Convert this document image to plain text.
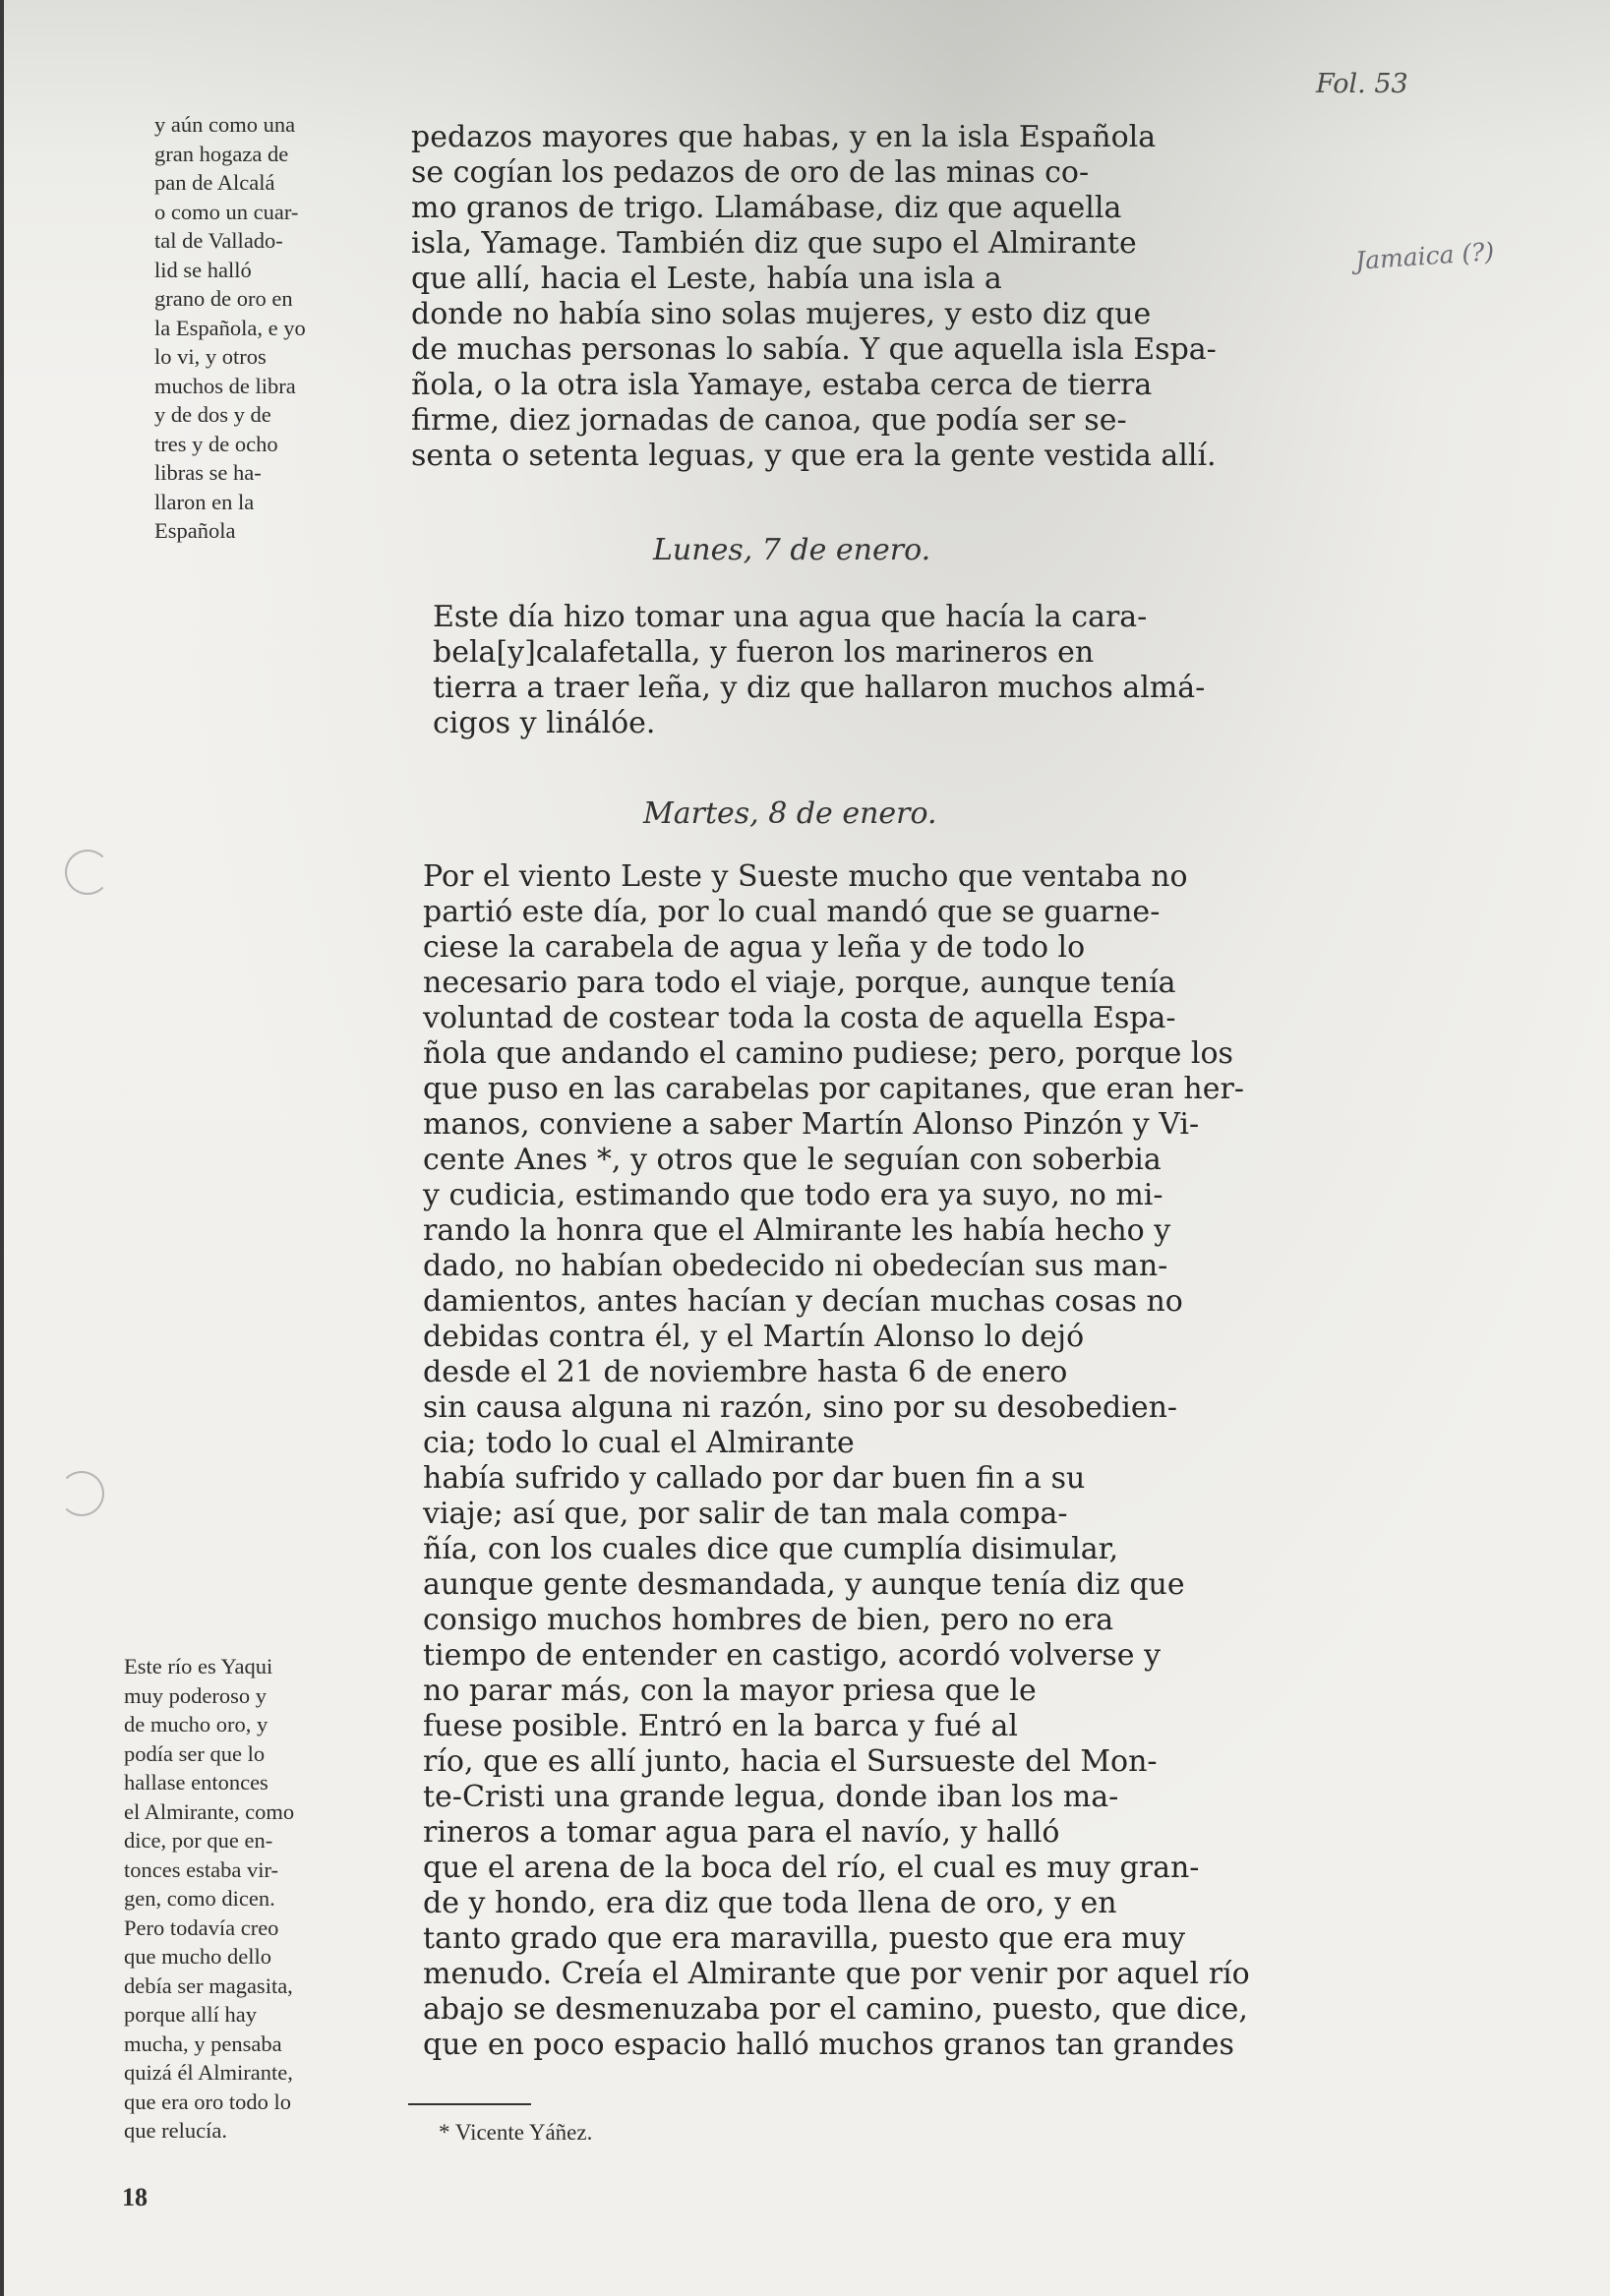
Fol. 53
Jamaica (?)
y aún como una
gran hogaza de
pan de Alcalá
o como un cuar-
tal de Vallado-
lid se halló
grano de oro en
la Española, e yo
lo vi, y otros
muchos de libra
y de dos y de
tres y de ocho
libras se ha-
llaron en la
Española
Este río es Yaqui
muy poderoso y
de mucho oro, y
podía ser que lo
hallase entonces
el Almirante, como
dice, por que en-
tonces estaba vir-
gen, como dicen.
Pero todavía creo
que mucho dello
debía ser magasita,
porque allí hay
mucha, y pensaba
quizá él Almirante,
que era oro todo lo
que relucía.
pedazos mayores que habas, y en la isla Española
se cogían los pedazos de oro de las minas co-
mo granos de trigo. Llamábase, diz que aquella
isla, Yamage. También diz que supo el Almirante
que allí, hacia el Leste, había una isla a
donde no había sino solas mujeres, y esto diz que
de muchas personas lo sabía. Y que aquella isla Espa-
ñola, o la otra isla Yamaye, estaba cerca de tierra
firme, diez jornadas de canoa, que podía ser se-
senta o setenta leguas, y que era la gente vestida allí.
Lunes, 7 de enero.
Este día hizo tomar una agua que hacía la cara-
bela[y]calafetalla, y fueron los marineros en
tierra a traer leña, y diz que hallaron muchos almá-
cigos y linálóe.
Martes, 8 de enero.
Por el viento Leste y Sueste mucho que ventaba no
partió este día, por lo cual mandó que se guarne-
ciese la carabela de agua y leña y de todo lo
necesario para todo el viaje, porque, aunque tenía
voluntad de costear toda la costa de aquella Espa-
ñola que andando el camino pudiese; pero, porque los
que puso en las carabelas por capitanes, que eran her-
manos, conviene a saber Martín Alonso Pinzón y Vi-
cente Anes *, y otros que le seguían con soberbia
y cudicia, estimando que todo era ya suyo, no mi-
rando la honra que el Almirante les había hecho y
dado, no habían obedecido ni obedecían sus man-
damientos, antes hacían y decían muchas cosas no
debidas contra él, y el Martín Alonso lo dejó
desde el 21 de noviembre hasta 6 de enero
sin causa alguna ni razón, sino por su desobedien-
cia; todo lo cual el Almirante
había sufrido y callado por dar buen fin a su
viaje; así que, por salir de tan mala compa-
ñía, con los cuales dice que cumplía disimular,
aunque gente desmandada, y aunque tenía diz que
consigo muchos hombres de bien, pero no era
tiempo de entender en castigo, acordó volverse y
no parar más, con la mayor priesa que le
fuese posible. Entró en la barca y fué al
río, que es allí junto, hacia el Sursueste del Mon-
te-Cristi una grande legua, donde iban los ma-
rineros a tomar agua para el navío, y halló
que el arena de la boca del río, el cual es muy gran-
de y hondo, era diz que toda llena de oro, y en
tanto grado que era maravilla, puesto que era muy
menudo. Creía el Almirante que por venir por aquel río
abajo se desmenuzaba por el camino, puesto, que dice,
que en poco espacio halló muchos granos tan grandes
* Vicente Yáñez.
18
